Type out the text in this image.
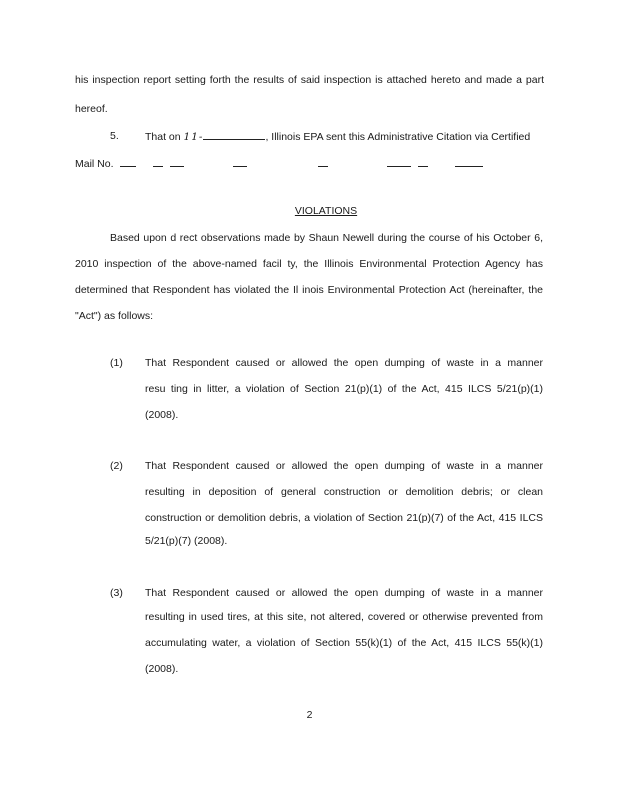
his inspection report setting forth the results of said inspection is attached hereto and made a part
hereof.
5. That on 11-	, Illinois EPA sent this Administrative Citation via Certified
Mail No.
VIOLATIONS
Based upon d rect observations made by Shaun Newell during the course of his October 6,
2010 inspection of the above-named facil ty, the Illinois Environmental Protection Agency has
determined that Respondent has violated the Il inois Environmental Protection Act (hereinafter, the
"Act") as follows:
(1) That Respondent caused or allowed the open dumping of waste in a manner
resu ting in litter, a violation of Section 21(p)(1) of the Act, 415 ILCS 5/21(p)(1)
(2008).
(2) That Respondent caused or allowed the open dumping of waste in a manner
resulting in deposition of general construction or demolition debris; or clean
construction or demolition debris, a violation of Section 21(p)(7) of the Act, 415 ILCS
5/21(p)(7) (2008).
(3) That Respondent caused or allowed the open dumping of waste in a manner
resulting in used tires, at this site, not altered, covered or otherwise prevented from
accumulating water, a violation of Section 55(k)(1) of the Act, 415 ILCS 55(k)(1)
(2008).
2
